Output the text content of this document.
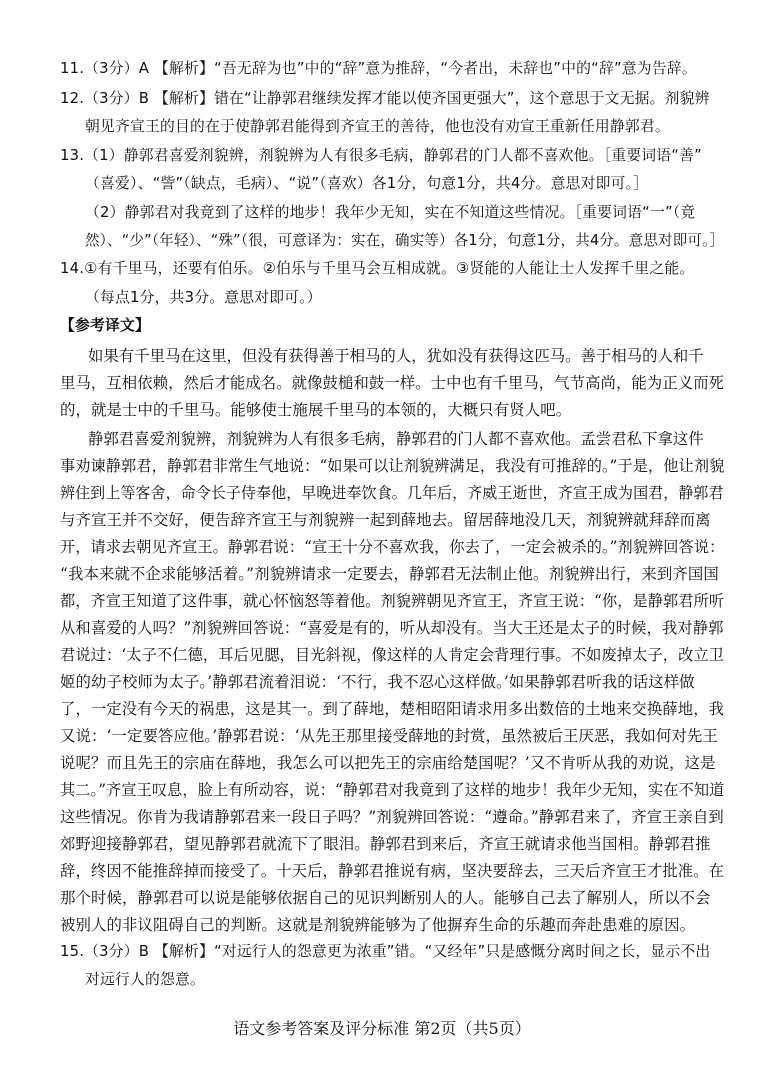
11.（3分）A 【解析】“吾无辞为也”中的“辞”意为推辞，“今者出，未辞也”中的“辞”意为告辞。
12.（3分）B 【解析】错在“让静郭君继续发挥才能以使齐国更强大”，这个意思于文无据。剂貌辨
朝见齐宣王的目的在于使静郭君能得到齐宣王的善待，他也没有劝宣王重新任用静郭君。
13.（1）静郭君喜爱剂貌辨，剂貌辨为人有很多毛病，静郭君的门人都不喜欢他。［重要词语“善”
（喜爱）、“訾”（缺点，毛病）、“说”（喜欢）各1分，句意1分，共4分。意思对即可。］
（2）静郭君对我竟到了这样的地步！我年少无知，实在不知道这些情况。［重要词语“一”（竟
然）、“少”（年轻）、“殊”（很，可意译为：实在，确实等）各1分，句意1分，共4分。意思对即可。］
14.①有千里马，还要有伯乐。②伯乐与千里马会互相成就。③贤能的人能让士人发挥千里之能。
（每点1分，共3分。意思对即可。）
【参考译文】
如果有千里马在这里，但没有获得善于相马的人，犹如没有获得这匹马。善于相马的人和千
里马，互相依赖，然后才能成名。就像鼓槌和鼓一样。士中也有千里马，气节高尚，能为正义而死
的，就是士中的千里马。能够使士施展千里马的本领的，大概只有贤人吧。
静郭君喜爱剂貌辨，剂貌辨为人有很多毛病，静郭君的门人都不喜欢他。孟尝君私下拿这件
事劝谏静郭君，静郭君非常生气地说：“如果可以让剂貌辨满足，我没有可推辞的。”于是，他让剂貌
辨住到上等客舍，命令长子侍奉他，早晚进奉饮食。几年后，齐威王逝世，齐宣王成为国君，静郭君
与齐宣王并不交好，便告辞齐宣王与剂貌辨一起到薛地去。留居薛地没几天，剂貌辨就拜辞而离
开，请求去朝见齐宣王。静郭君说：“宣王十分不喜欢我，你去了，一定会被杀的。”剂貌辨回答说：
“我本来就不企求能够活着。”剂貌辨请求一定要去，静郭君无法制止他。剂貌辨出行，来到齐国国
都，齐宣王知道了这件事，就心怀恼怒等着他。剂貌辨朝见齐宣王，齐宣王说：“你，是静郭君所听
从和喜爱的人吗？”剂貌辨回答说：“喜爱是有的，听从却没有。当大王还是太子的时候，我对静郭
君说过：‘太子不仁德，耳后见腮，目光斜视，像这样的人肯定会背理行事。不如废掉太子，改立卫
姬的幼子校师为太子。’静郭君流着泪说：‘不行，我不忍心这样做。’如果静郭君听我的话这样做
了，一定没有今天的祸患，这是其一。到了薛地，楚相昭阳请求用多出数倍的土地来交换薛地，我
又说：‘一定要答应他。’静郭君说：‘从先王那里接受薛地的封赏，虽然被后王厌恶，我如何对先王
说呢？而且先王的宗庙在薛地，我怎么可以把先王的宗庙给楚国呢？’又不肯听从我的劝说，这是
其二。”齐宣王叹息，脸上有所动容，说：“静郭君对我竟到了这样的地步！我年少无知，实在不知道
这些情况。你肯为我请静郭君来一段日子吗？”剂貌辨回答说：“遵命。”静郭君来了，齐宣王亲自到
郊野迎接静郭君，望见静郭君就流下了眼泪。静郭君到来后，齐宣王就请求他当国相。静郭君推
辞，终因不能推辞掉而接受了。十天后，静郭君推说有病，坚决要辞去，三天后齐宣王才批准。在
那个时候，静郭君可以说是能够依据自己的见识判断别人的人。能够自己去了解别人，所以不会
被别人的非议阻碍自己的判断。这就是剂貌辨能够为了他摒弃生命的乐趣而奔赴患难的原因。
15.（3分）B 【解析】“对远行人的怨意更为浓重”错。“又经年”只是感慨分离时间之长，显示不出
对远行人的怨意。
语文参考答案及评分标准 第2页（共5页）
